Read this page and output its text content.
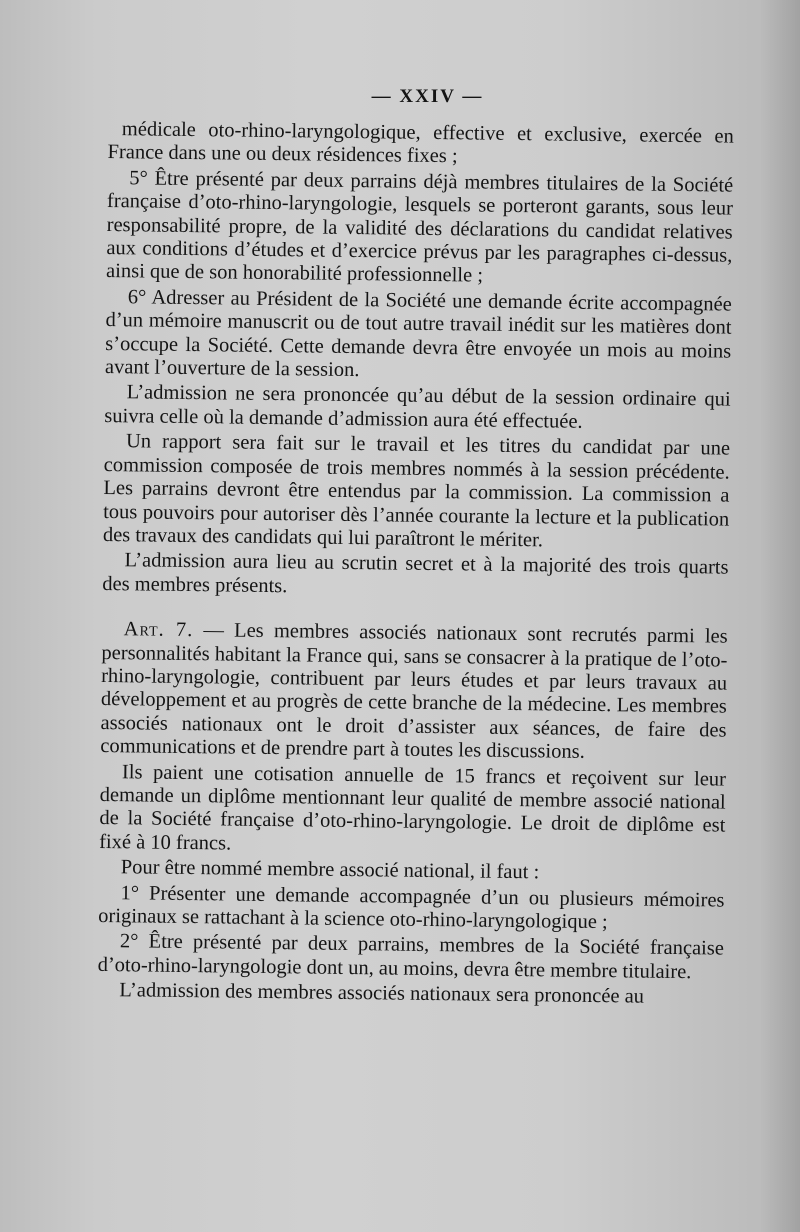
— XXIV —

médicale oto-rhino-laryngologique, effective et exclusive, exercée en France dans une ou deux résidences fixes ;

5° Être présenté par deux parrains déjà membres titulaires de la Société française d’oto-rhino-laryngologie, lesquels se porteront garants, sous leur responsabilité propre, de la validité des déclarations du candidat relatives aux conditions d’études et d’exercice prévus par les paragraphes ci-dessus, ainsi que de son honorabilité professionnelle ;

6° Adresser au Président de la Société une demande écrite accompagnée d’un mémoire manuscrit ou de tout autre travail inédit sur les matières dont s’occupe la Société. Cette demande devra être envoyée un mois au moins avant l’ouverture de la session.

L’admission ne sera prononcée qu’au début de la session ordinaire qui suivra celle où la demande d’admission aura été effectuée.

Un rapport sera fait sur le travail et les titres du candidat par une commission composée de trois membres nommés à la session précédente. Les parrains devront être entendus par la commission. La commission a tous pouvoirs pour autoriser dès l’année courante la lecture et la publication des travaux des candidats qui lui paraîtront le mériter.

L’admission aura lieu au scrutin secret et à la majorité des trois quarts des membres présents.

Art. 7. — Les membres associés nationaux sont recrutés parmi les personnalités habitant la France qui, sans se consacrer à la pratique de l’oto-rhino-laryngologie, contribuent par leurs études et par leurs travaux au développement et au progrès de cette branche de la médecine. Les membres associés nationaux ont le droit d’assister aux séances, de faire des communications et de prendre part à toutes les discussions.

Ils paient une cotisation annuelle de 15 francs et reçoivent sur leur demande un diplôme mentionnant leur qualité de membre associé national de la Société française d’oto-rhino-laryngologie. Le droit de diplôme est fixé à 10 francs.

Pour être nommé membre associé national, il faut :

1° Présenter une demande accompagnée d’un ou plusieurs mémoires originaux se rattachant à la science oto-rhino-laryngologique ;

2° Être présenté par deux parrains, membres de la Société française d’oto-rhino-laryngologie dont un, au moins, devra être membre titulaire.

L’admission des membres associés nationaux sera prononcée au
